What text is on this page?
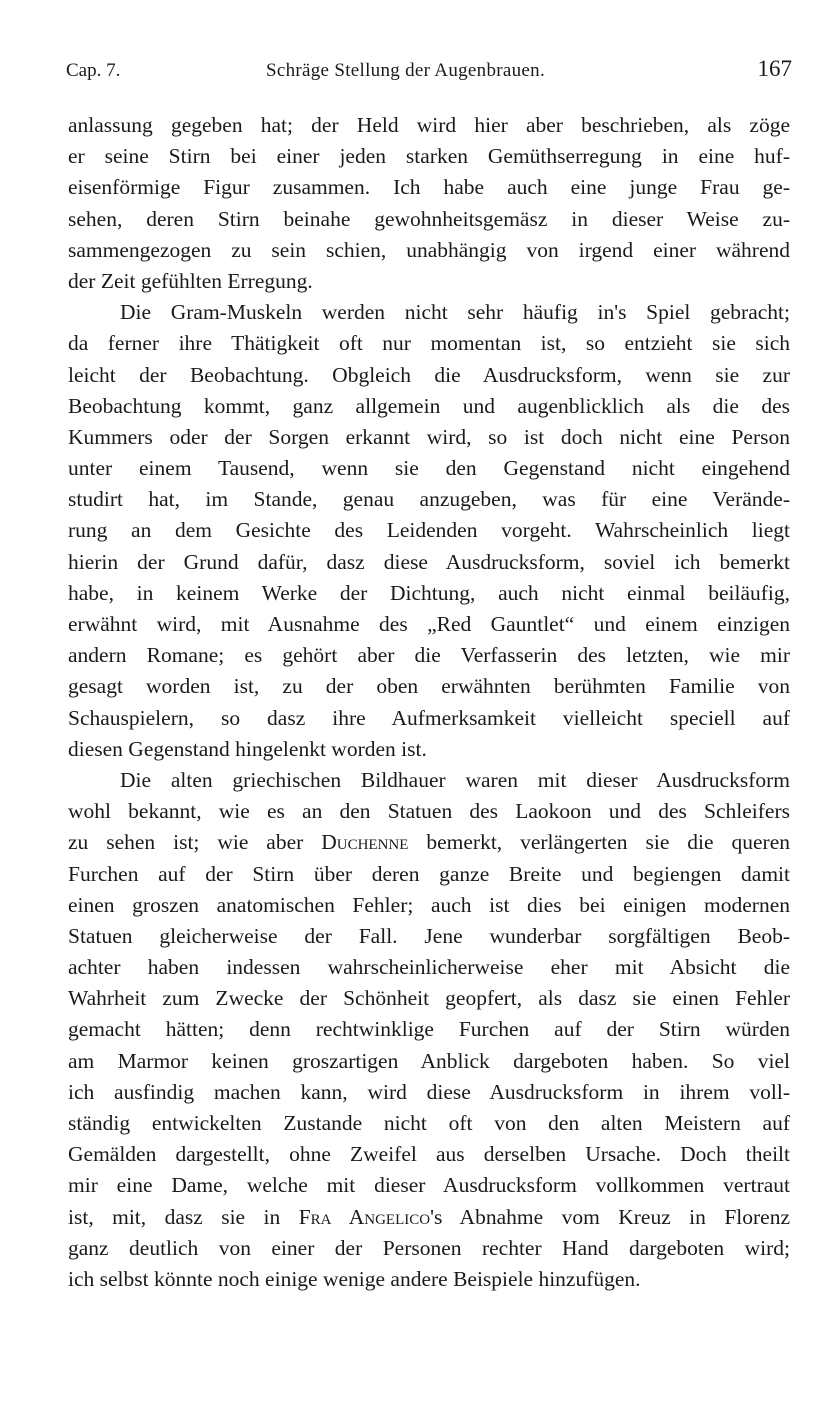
Cap. 7.	Schräge Stellung der Augenbrauen.	167
anlassung gegeben hat; der Held wird hier aber beschrieben, als zöge
er seine Stirn bei einer jeden starken Gemüthserregung in eine huf-
eisenförmige Figur zusammen. Ich habe auch eine junge Frau ge-
sehen, deren Stirn beinahe gewohnheitsgemäsz in dieser Weise zu-
sammengezogen zu sein schien, unabhängig von irgend einer während
der Zeit gefühlten Erregung.
Die Gram-Muskeln werden nicht sehr häufig in's Spiel gebracht;
da ferner ihre Thätigkeit oft nur momentan ist, so entzieht sie sich
leicht der Beobachtung. Obgleich die Ausdrucksform, wenn sie zur
Beobachtung kommt, ganz allgemein und augenblicklich als die des
Kummers oder der Sorgen erkannt wird, so ist doch nicht eine Person
unter einem Tausend, wenn sie den Gegenstand nicht eingehend
studirt hat, im Stande, genau anzugeben, was für eine Verände-
rung an dem Gesichte des Leidenden vorgeht. Wahrscheinlich liegt
hierin der Grund dafür, dasz diese Ausdrucksform, soviel ich bemerkt
habe, in keinem Werke der Dichtung, auch nicht einmal beiläufig,
erwähnt wird, mit Ausnahme des „Red Gauntlet“ und einem einzigen
andern Romane; es gehört aber die Verfasserin des letzten, wie mir
gesagt worden ist, zu der oben erwähnten berühmten Familie von
Schauspielern, so dasz ihre Aufmerksamkeit vielleicht speciell auf
diesen Gegenstand hingelenkt worden ist.
Die alten griechischen Bildhauer waren mit dieser Ausdrucksform
wohl bekannt, wie es an den Statuen des Laokoon und des Schleifers
zu sehen ist; wie aber Duchenne bemerkt, verlängerten sie die queren
Furchen auf der Stirn über deren ganze Breite und begiengen damit
einen groszen anatomischen Fehler; auch ist dies bei einigen modernen
Statuen gleicherweise der Fall. Jene wunderbar sorgfältigen Beob-
achter haben indessen wahrscheinlicherweise eher mit Absicht die
Wahrheit zum Zwecke der Schönheit geopfert, als dasz sie einen Fehler
gemacht hätten; denn rechtwinklige Furchen auf der Stirn würden
am Marmor keinen groszartigen Anblick dargeboten haben. So viel
ich ausfindig machen kann, wird diese Ausdrucksform in ihrem voll-
ständig entwickelten Zustande nicht oft von den alten Meistern auf
Gemälden dargestellt, ohne Zweifel aus derselben Ursache. Doch theilt
mir eine Dame, welche mit dieser Ausdrucksform vollkommen vertraut
ist, mit, dasz sie in Fra Angelico's Abnahme vom Kreuz in Florenz
ganz deutlich von einer der Personen rechter Hand dargeboten wird;
ich selbst könnte noch einige wenige andere Beispiele hinzufügen.
